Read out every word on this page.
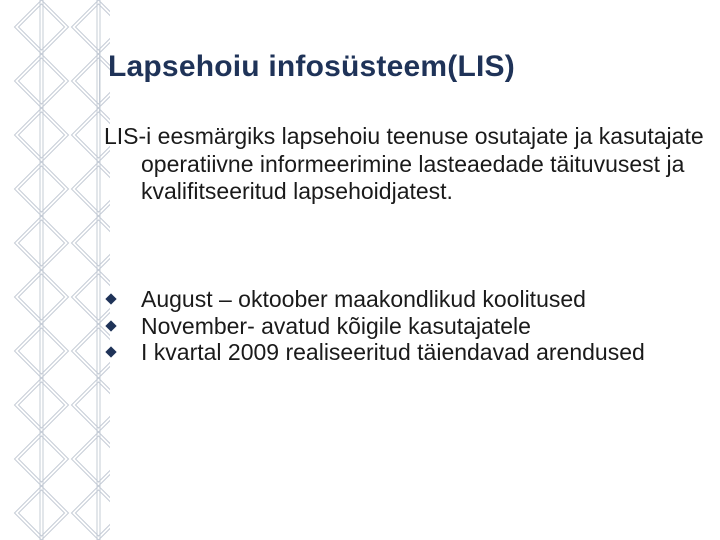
Lapsehoiu infosüsteem(LIS)

LIS-i eesmärgiks lapsehoiu teenuse osutajate ja kasutajate operatiivne informeerimine lasteaedade täituvusest ja kvalifitseeritud lapsehoidjatest.

August – oktoober maakondlikud koolitused
November- avatud kõigile kasutajatele
I kvartal 2009 realiseeritud täiendavad arendused
